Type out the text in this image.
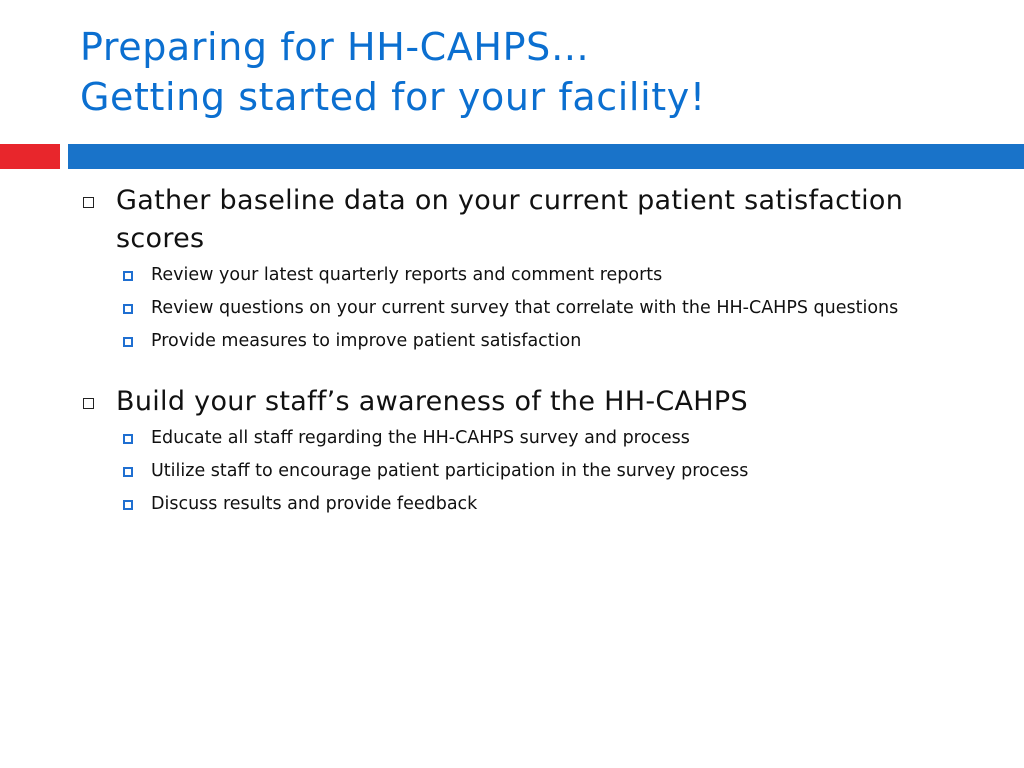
Preparing for HH-CAHPS…
Getting started for your facility!
Gather baseline data on your current patient satisfaction scores
Review your latest quarterly reports and comment reports
Review questions on your current survey that correlate with the HH-CAHPS questions
Provide measures to improve patient satisfaction
Build your staff’s awareness of the HH-CAHPS
Educate all staff regarding the HH-CAHPS survey and process
Utilize staff to encourage patient participation in the survey process
Discuss results and provide feedback
